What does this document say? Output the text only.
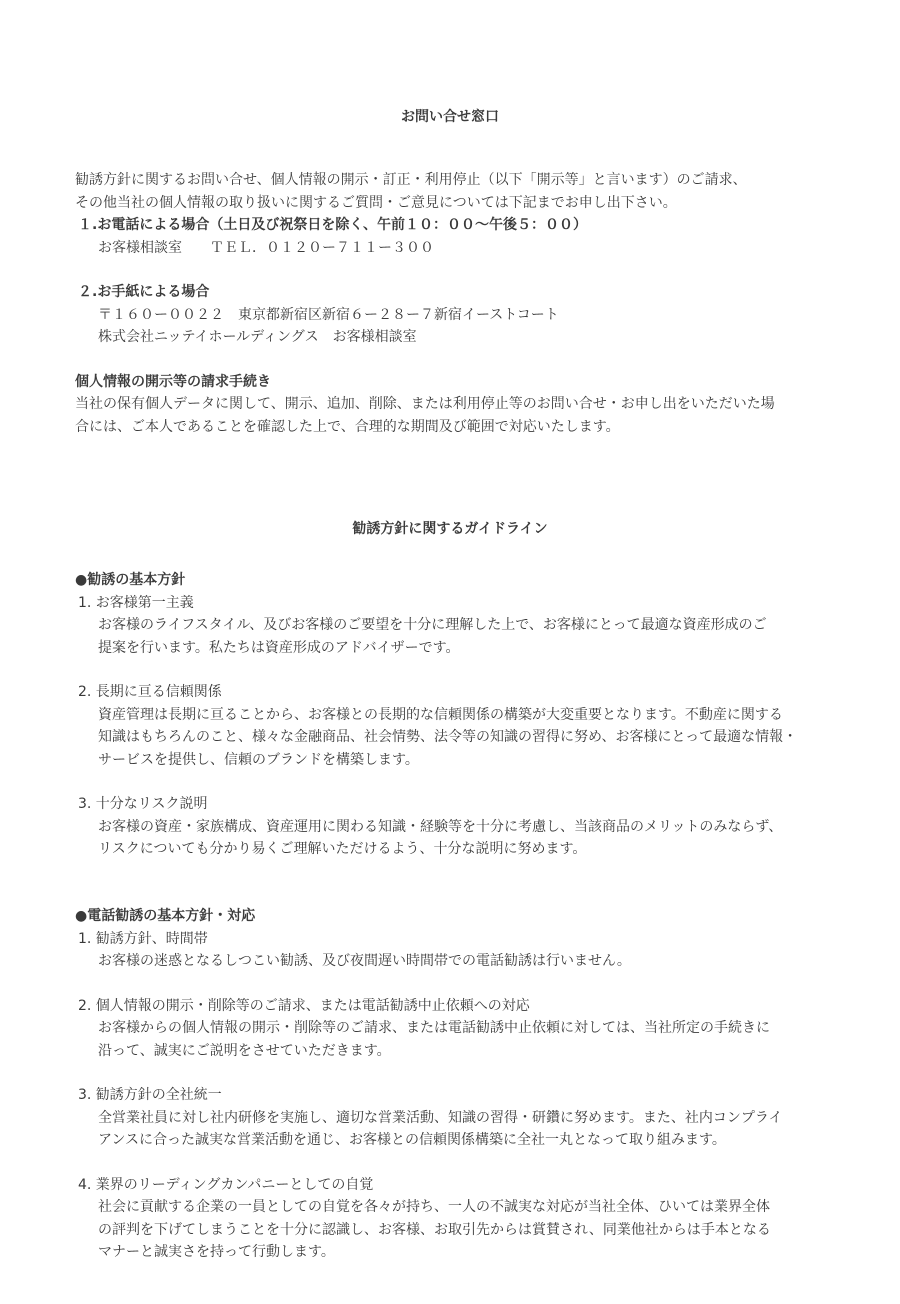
お問い合せ窓口
勧誘方針に関するお問い合せ、個人情報の開示・訂正・利用停止（以下「開示等」と言います）のご請求、
その他当社の個人情報の取り扱いに関するご質問・ご意見については下記までお申し出下さい。
１.お電話による場合（土日及び祝祭日を除く、午前１０：００〜午後５：００）
お客様相談室　　ＴＥＬ．０１２０ー７１１ー３００
２.お手紙による場合
〒１６０ー００２２　東京都新宿区新宿６ー２８ー７新宿イーストコート
株式会社ニッテイホールディングス　お客様相談室
個人情報の開示等の請求手続き
当社の保有個人データに関して、開示、追加、削除、または利用停止等のお問い合せ・お申し出をいただいた場
合には、ご本人であることを確認した上で、合理的な期間及び範囲で対応いたします。
勧誘方針に関するガイドライン
●勧誘の基本方針
1. お客様第一主義
お客様のライフスタイル、及びお客様のご要望を十分に理解した上で、お客様にとって最適な資産形成のご
提案を行います。私たちは資産形成のアドバイザーです。
2. 長期に亘る信頼関係
資産管理は長期に亘ることから、お客様との長期的な信頼関係の構築が大変重要となります。不動産に関する
知識はもちろんのこと、様々な金融商品、社会情勢、法令等の知識の習得に努め、お客様にとって最適な情報・
サービスを提供し、信頼のブランドを構築します。
3. 十分なリスク説明
お客様の資産・家族構成、資産運用に関わる知識・経験等を十分に考慮し、当該商品のメリットのみならず、
リスクについても分かり易くご理解いただけるよう、十分な説明に努めます。
●電話勧誘の基本方針・対応
1. 勧誘方針、時間帯
お客様の迷惑となるしつこい勧誘、及び夜間遅い時間帯での電話勧誘は行いません。
2. 個人情報の開示・削除等のご請求、または電話勧誘中止依頼への対応
お客様からの個人情報の開示・削除等のご請求、または電話勧誘中止依頼に対しては、当社所定の手続きに
沿って、誠実にご説明をさせていただきます。
3. 勧誘方針の全社統一
全営業社員に対し社内研修を実施し、適切な営業活動、知識の習得・研鑽に努めます。また、社内コンプライ
アンスに合った誠実な営業活動を通じ、お客様との信頼関係構築に全社一丸となって取り組みます。
4. 業界のリーディングカンパニーとしての自覚
社会に貢献する企業の一員としての自覚を各々が持ち、一人の不誠実な対応が当社全体、ひいては業界全体
の評判を下げてしまうことを十分に認識し、お客様、お取引先からは賞賛され、同業他社からは手本となる
マナーと誠実さを持って行動します。
